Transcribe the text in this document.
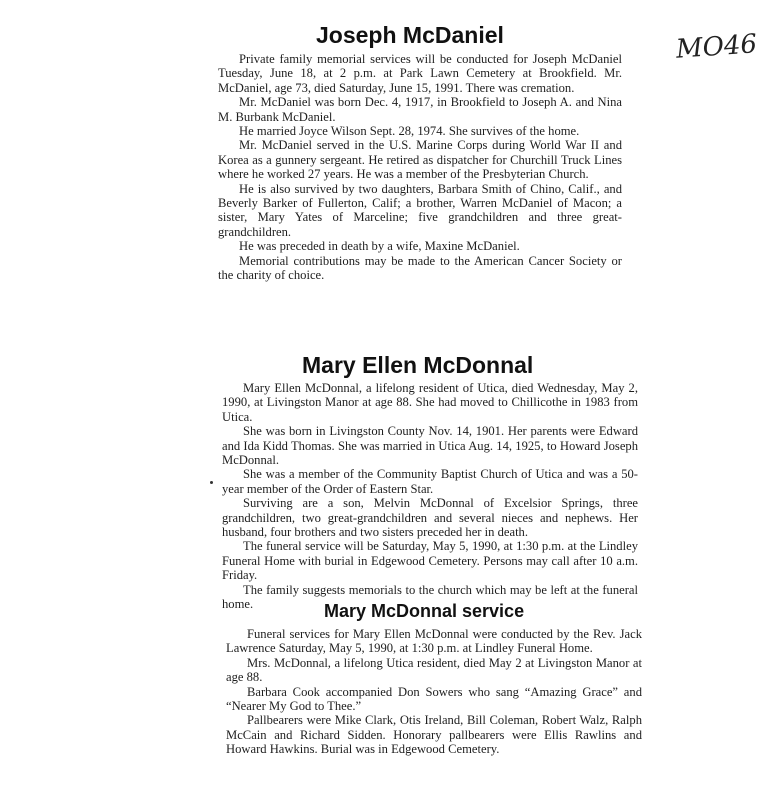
MO46
Joseph McDaniel

Private family memorial services will be conducted for Joseph McDaniel Tuesday, June 18, at 2 p.m. at Park Lawn Cemetery at Brookfield. Mr. McDaniel, age 73, died Saturday, June 15, 1991. There was cremation.

Mr. McDaniel was born Dec. 4, 1917, in Brookfield to Joseph A. and Nina M. Burbank McDaniel.

He married Joyce Wilson Sept. 28, 1974. She survives of the home.

Mr. McDaniel served in the U.S. Marine Corps during World War II and Korea as a gunnery sergeant. He retired as dispatcher for Churchill Truck Lines where he worked 27 years. He was a member of the Presbyterian Church.

He is also survived by two daughters, Barbara Smith of Chino, Calif., and Beverly Barker of Fullerton, Calif; a brother, Warren McDaniel of Macon; a sister, Mary Yates of Marceline; five grandchildren and three great-grandchildren.

He was preceded in death by a wife, Maxine McDaniel.

Memorial contributions may be made to the American Cancer Society or the charity of choice.

Mary Ellen McDonnal

Mary Ellen McDonnal, a lifelong resident of Utica, died Wednesday, May 2, 1990, at Livingston Manor at age 88. She had moved to Chillicothe in 1983 from Utica.

She was born in Livingston County Nov. 14, 1901. Her parents were Edward and Ida Kidd Thomas. She was married in Utica Aug. 14, 1925, to Howard Joseph McDonnal.

She was a member of the Community Baptist Church of Utica and was a 50-year member of the Order of Eastern Star.

Surviving are a son, Melvin McDonnal of Excelsior Springs, three grandchildren, two great-grandchildren and several nieces and nephews. Her husband, four brothers and two sisters preceded her in death.

The funeral service will be Saturday, May 5, 1990, at 1:30 p.m. at the Lindley Funeral Home with burial in Edgewood Cemetery. Persons may call after 10 a.m. Friday.

The family suggests memorials to the church which may be left at the funeral home.	Mary McDonnal service

Funeral services for Mary Ellen McDonnal were conducted by the Rev. Jack Lawrence Saturday, May 5, 1990, at 1:30 p.m. at Lindley Funeral Home.

Mrs. McDonnal, a lifelong Utica resident, died May 2 at Livingston Manor at age 88.

Barbara Cook accompanied Don Sowers who sang “Amazing Grace” and “Nearer My God to Thee.”

Pallbearers were Mike Clark, Otis Ireland, Bill Coleman, Robert Walz, Ralph McCain and Richard Sidden. Honorary pallbearers were Ellis Rawlins and Howard Hawkins. Burial was in Edgewood Cemetery.
